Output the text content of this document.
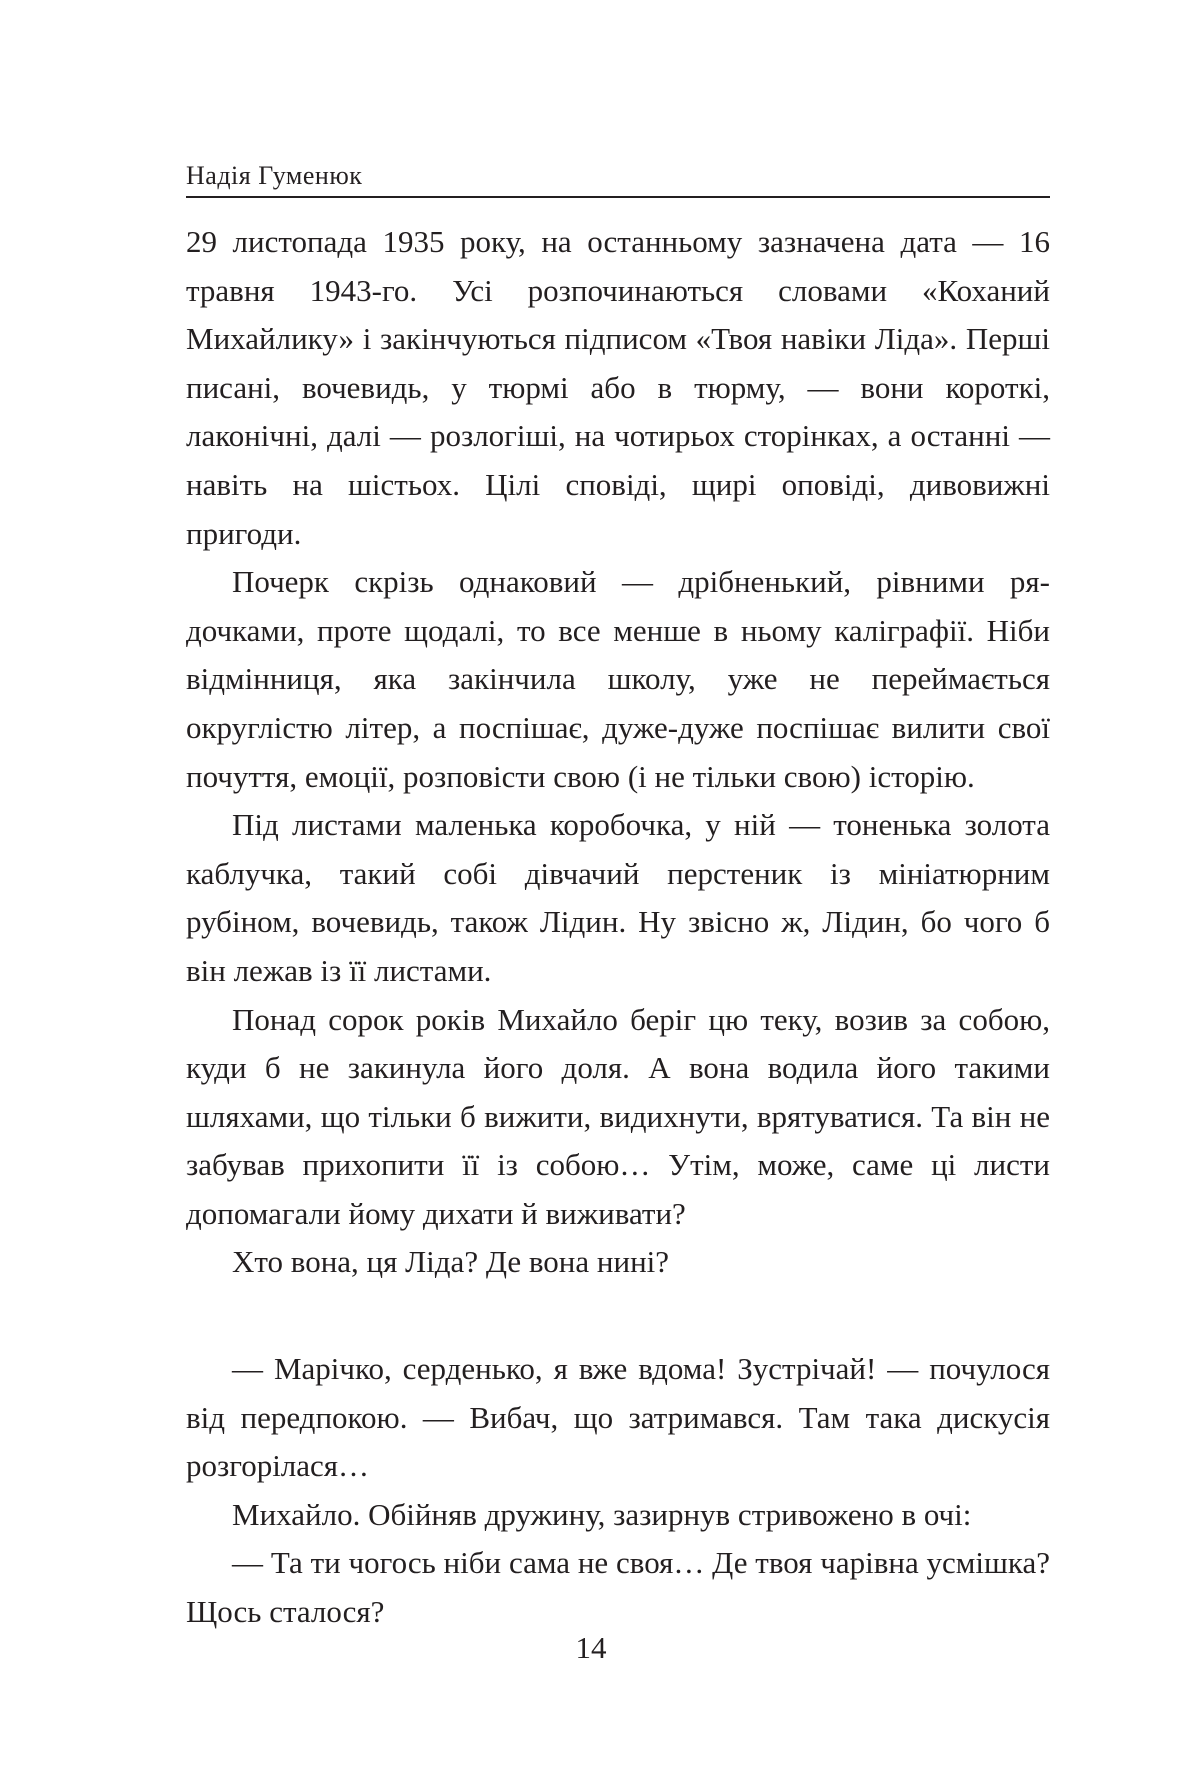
Надія Гуменюк

29 листопада 1935 року, на останньому зазначена дата — 16 травня 1943-го. Усі розпочинаються словами «Коханий Михайлику» і закінчуються підписом «Твоя навіки Ліда». Перші писані, вочевидь, у тюрмі або в тюрму, — вони короткі, лаконічні, далі — розлогіші, на чотирьох сторінках, а останні — навіть на шістьох. Цілі сповіді, щирі оповіді, дивовижні пригоди.

Почерк скрізь однаковий — дрібненький, рівними рядочками, проте щодалі, то все менше в ньому каліграфії. Ніби відмінниця, яка закінчила школу, уже не переймається округлістю літер, а поспішає, дуже-дуже поспішає вилити свої почуття, емоції, розповісти свою (і не тільки свою) історію.

Під листами маленька коробочка, у ній — тоненька золота каблучка, такий собі дівчачий перстеник із мініатюрним рубіном, вочевидь, також Лідин. Ну звісно ж, Лідин, бо чого б він лежав із її листами.

Понад сорок років Михайло беріг цю теку, возив за собою, куди б не закинула його доля. А вона водила його такими шляхами, що тільки б вижити, видихнути, врятуватися. Та він не забував прихопити її із собою… Утім, може, саме ці листи допомагали йому дихати й виживати?

Хто вона, ця Ліда? Де вона нині?

— Марічко, серденько, я вже вдома! Зустрічай! — почулося від передпокою. — Вибач, що затримався. Там така дискусія розгорілася…

Михайло. Обійняв дружину, зазирнув стривожено в очі:

— Та ти чогось ніби сама не своя… Де твоя чарівна усмішка? Щось сталося?

14
